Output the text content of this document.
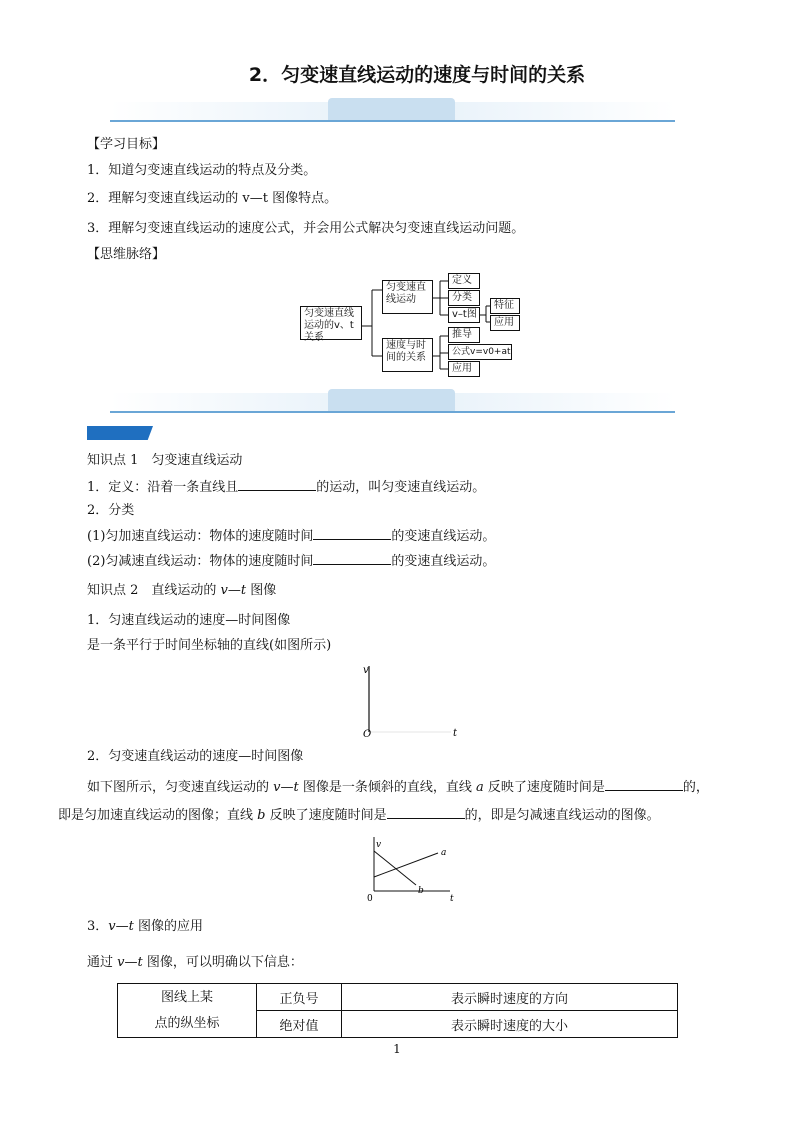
2．匀变速直线运动的速度与时间的关系
【学习目标】
1．知道匀变速直线运动的特点及分类。
2．理解匀变速直线运动的 v—t 图像特点。
3．理解匀变速直线运动的速度公式，并会用公式解决匀变速直线运动问题。
【思维脉络】
匀变速直线运动的v、t关系
匀变速直线运动
定义
分类
v–t图
特征
应用
速度与时间的关系
推导
公式v=v0+at
应用
知识点 1　匀变速直线运动
1．定义：沿着一条直线且	的运动，叫匀变速直线运动。
2．分类
(1)匀加速直线运动：物体的速度随时间	的变速直线运动。
(2)匀减速直线运动：物体的速度随时间	的变速直线运动。
知识点 2　直线运动的 v—t 图像
1．匀速直线运动的速度—时间图像
是一条平行于时间坐标轴的直线(如图所示)
v
O	t
2．匀变速直线运动的速度—时间图像
如下图所示，匀变速直线运动的 v—t 图像是一条倾斜的直线，直线 a 反映了速度随时间是	的，
即是匀加速直线运动的图像；直线 b 反映了速度随时间是	的，即是匀减速直线运动的图像。
v
0	t
a
b
3．v—t 图像的应用
通过 v—t 图像，可以明确以下信息：
图线上某
点的纵坐标	正负号	表示瞬时速度的方向
	绝对值	表示瞬时速度的大小
1
